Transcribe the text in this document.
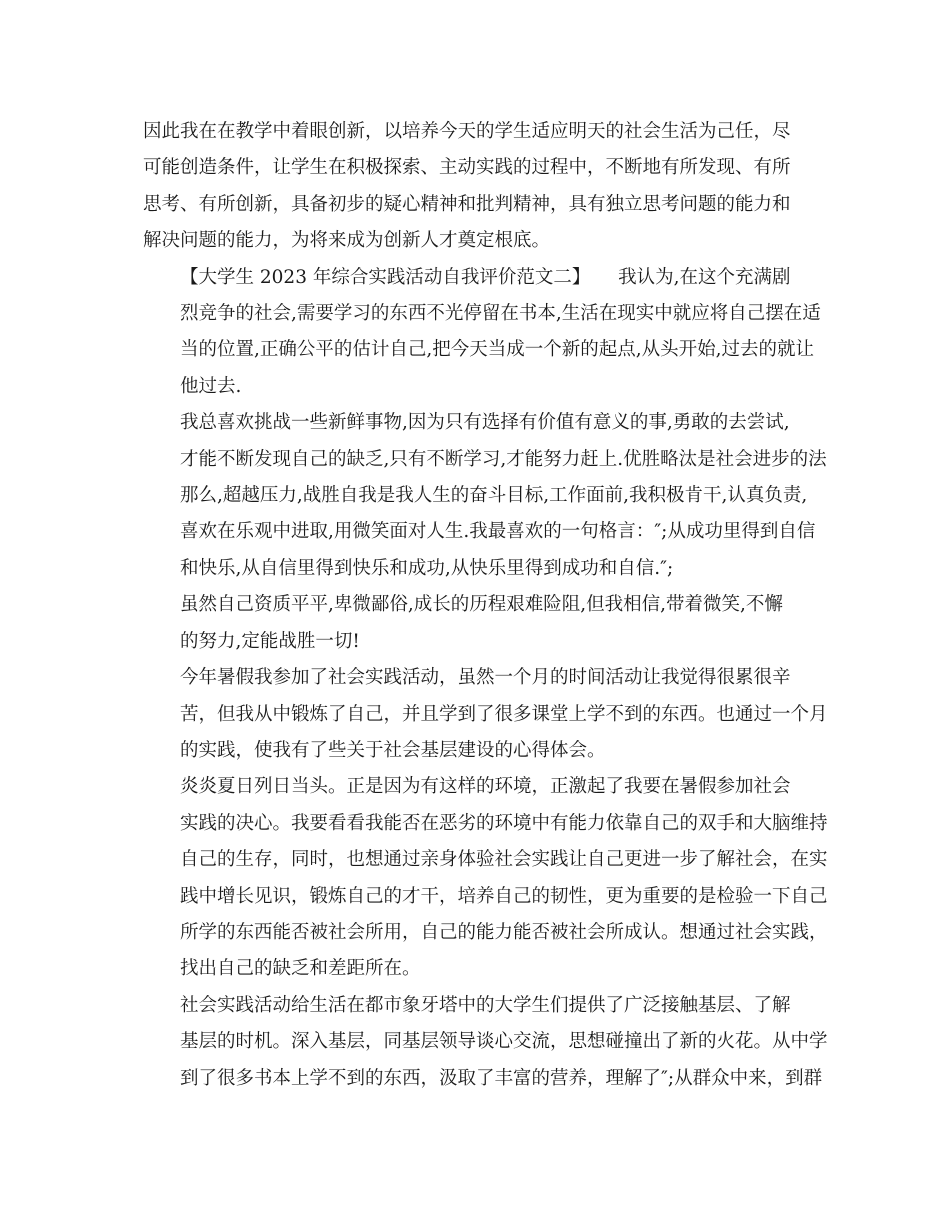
因此我在在教学中着眼创新，以培养今天的学生适应明天的社会生活为己任，尽
可能创造条件，让学生在积极探索、主动实践的过程中，不断地有所发现、有所
思考、有所创新，具备初步的疑心精神和批判精神，具有独立思考问题的能力和
解决问题的能力，为将来成为创新人才奠定根底。
【大学生 2023 年综合实践活动自我评价范文二】　　我认为,在这个充满剧
烈竞争的社会,需要学习的东西不光停留在书本,生活在现实中就应将自己摆在适
当的位置,正确公平的估计自己,把今天当成一个新的起点,从头开始,过去的就让
他过去.
我总喜欢挑战一些新鲜事物,因为只有选择有价值有意义的事,勇敢的去尝试,
才能不断发现自己的缺乏,只有不断学习,才能努力赶上.优胜略汰是社会进步的法
那么,超越压力,战胜自我是我人生的奋斗目标,工作面前,我积极肯干,认真负责,
喜欢在乐观中进取,用微笑面对人生.我最喜欢的一句格言：″;从成功里得到自信
和快乐,从自信里得到快乐和成功,从快乐里得到成功和自信.″;
虽然自己资质平平,卑微鄙俗,成长的历程艰难险阻,但我相信,带着微笑,不懈
的努力,定能战胜一切!
今年暑假我参加了社会实践活动，虽然一个月的时间活动让我觉得很累很辛
苦，但我从中锻炼了自己，并且学到了很多课堂上学不到的东西。也通过一个月
的实践，使我有了些关于社会基层建设的心得体会。
炎炎夏日列日当头。正是因为有这样的环境，正激起了我要在暑假参加社会
实践的决心。我要看看我能否在恶劣的环境中有能力依靠自己的双手和大脑维持
自己的生存，同时，也想通过亲身体验社会实践让自己更进一步了解社会，在实
践中增长见识，锻炼自己的才干，培养自己的韧性，更为重要的是检验一下自己
所学的东西能否被社会所用，自己的能力能否被社会所成认。想通过社会实践，
找出自己的缺乏和差距所在。
社会实践活动给生活在都市象牙塔中的大学生们提供了广泛接触基层、了解
基层的时机。深入基层，同基层领导谈心交流，思想碰撞出了新的火花。从中学
到了很多书本上学不到的东西，汲取了丰富的营养，理解了″;从群众中来，到群
